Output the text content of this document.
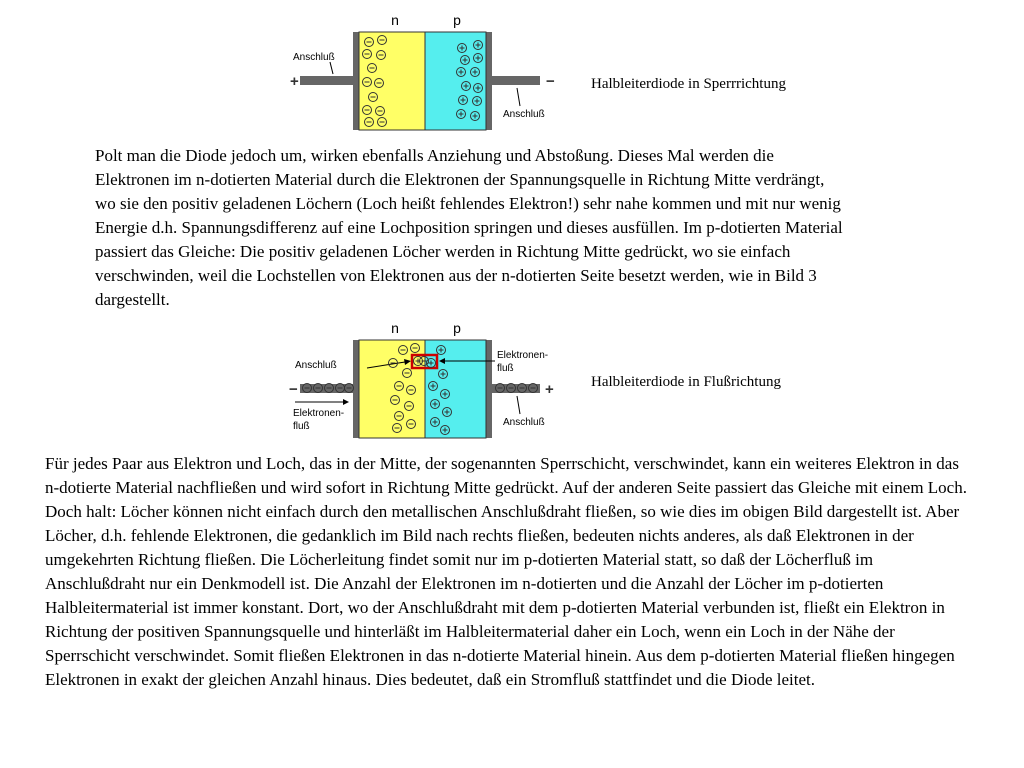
n	p
+	−
Anschluß
Anschluß
Halbleiterdiode in Sperrrichtung

Polt man die Diode jedoch um, wirken ebenfalls Anziehung und Abstoßung. Dieses Mal werden die Elektronen im n-dotierten Material durch die Elektronen der Spannungsquelle in Richtung Mitte verdrängt, wo sie den positiv geladenen Löchern (Loch heißt fehlendes Elektron!) sehr nahe kommen und mit nur wenig Energie d.h. Spannungsdifferenz auf eine Lochposition springen und dieses ausfüllen. Im p-dotierten Material passiert das Gleiche: Die positiv geladenen Löcher werden in Richtung Mitte gedrückt, wo sie einfach verschwinden, weil die Lochstellen von Elektronen aus der n-dotierten Seite besetzt werden, wie in Bild 3 dargestellt.

n	p
−	+
Anschluß
Anschluß
Elektronen-
fluß
Elektronen-
fluß
Halbleiterdiode in Flußrichtung

Für jedes Paar aus Elektron und Loch, das in der Mitte, der sogenannten Sperrschicht, verschwindet, kann ein weiteres Elektron in das n-dotierte Material nachfließen und wird sofort in Richtung Mitte gedrückt. Auf der anderen Seite passiert das Gleiche mit einem Loch. Doch halt: Löcher können nicht einfach durch den metallischen Anschlußdraht fließen, so wie dies im obigen Bild dargestellt ist. Aber Löcher, d.h. fehlende Elektronen, die gedanklich im Bild nach rechts fließen, bedeuten nichts anderes, als daß Elektronen in der umgekehrten Richtung fließen. Die Löcherleitung findet somit nur im p-dotierten Material statt, so daß der Löcherfluß im Anschlußdraht nur ein Denkmodell ist. Die Anzahl der Elektronen im n-dotierten und die Anzahl der Löcher im p-dotierten Halbleitermaterial ist immer konstant. Dort, wo der Anschlußdraht mit dem p-dotierten Material verbunden ist, fließt ein Elektron in Richtung der positiven Spannungsquelle und hinterläßt im Halbleitermaterial daher ein Loch, wenn ein Loch in der Nähe der Sperrschicht verschwindet. Somit fließen Elektronen in das n-dotierte Material hinein. Aus dem p-dotierten Material fließen hingegen Elektronen in exakt der gleichen Anzahl hinaus. Dies bedeutet, daß ein Stromfluß stattfindet und die Diode leitet.
